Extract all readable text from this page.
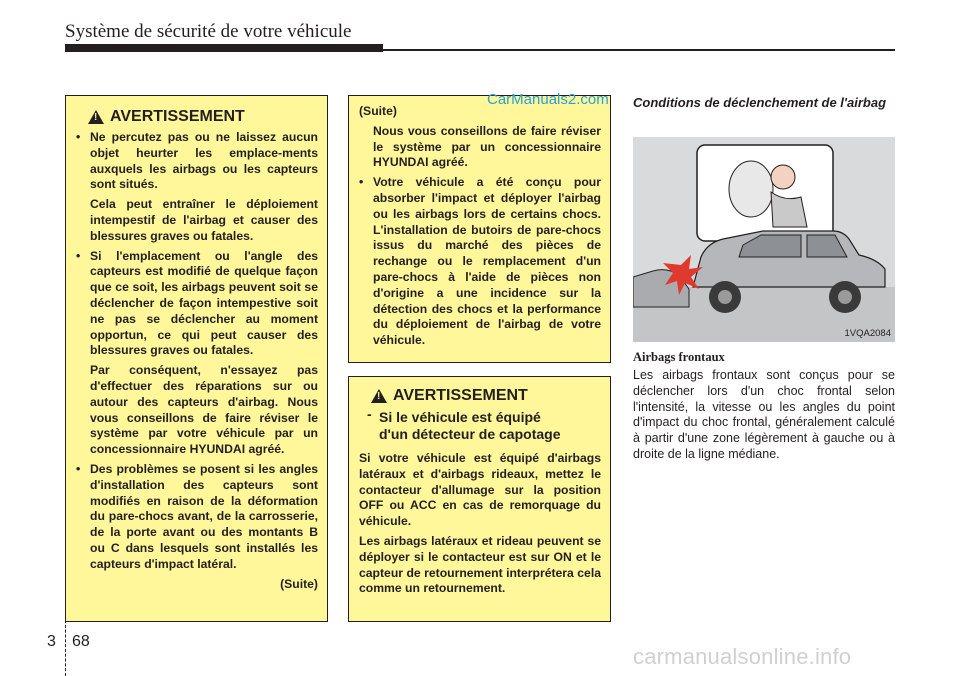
Système de sécurité de votre véhicule
!
AVERTISSEMENT
• Ne percutez pas ou ne laissez aucun objet heurter les emplace-ments auxquels les airbags ou les capteurs sont situés.
Cela peut entraîner le déploiement intempestif de l'airbag et causer des blessures graves ou fatales.
• Si l'emplacement ou l'angle des capteurs est modifié de quelque façon que ce soit, les airbags peuvent soit se déclencher de façon intempestive soit ne pas se déclencher au moment opportun, ce qui peut causer des blessures graves ou fatales.
Par conséquent, n'essayez pas d'effectuer des réparations sur ou autour des capteurs d'airbag. Nous vous conseillons de faire réviser le système par votre véhicule par un concessionnaire HYUNDAI agréé.
• Des problèmes se posent si les angles d'installation des capteurs sont modifiés en raison de la déformation du pare-chocs avant, de la carrosserie, de la porte avant ou des montants B ou C dans lesquels sont installés les capteurs d'impact latéral.
(Suite)
(Suite)
Nous vous conseillons de faire réviser le système par un concessionnaire HYUNDAI agréé.
• Votre véhicule a été conçu pour absorber l'impact et déployer l'airbag ou les airbags lors de certains chocs. L'installation de butoirs de pare-chocs issus du marché des pièces de rechange ou le remplacement d'un pare-chocs à l'aide de pièces non d'origine a une incidence sur la détection des chocs et la performance du déploiement de l'airbag de votre véhicule.
!
AVERTISSEMENT
- Si le véhicule est équipé
d'un détecteur de capotage
Si votre véhicule est équipé d'airbags latéraux et d'airbags rideaux, mettez le contacteur d'allumage sur la position OFF ou ACC en cas de remorquage du véhicule.
Les airbags latéraux et rideau peuvent se déployer si le contacteur est sur ON et le capteur de retournement interprétera cela comme un retournement.
Conditions de déclenchement de l'airbag
1VQA2084
Airbags frontaux
Les airbags frontaux sont conçus pour se déclencher lors d'un choc frontal selon l'intensité, la vitesse ou les angles du point d'impact du choc frontal, généralement calculé à partir d'une zone légèrement à gauche ou à droite de la ligne médiane.
3 68
CarManuals2.com
carmanualsonline.info
